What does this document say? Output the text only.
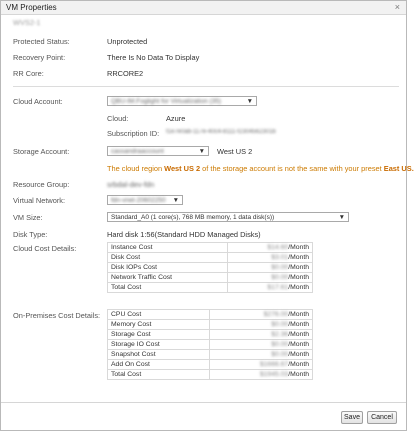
VM Properties	×
WVS2-1
Protected Status:	Unprotected
Recovery Point:	There Is No Data To Display
RR Core:	RRCORE2
Cloud Account:	QBU-IM.Foglight for Virtualization (35)	▼
Cloud:	Azure
Subscription ID: f1e7e0ab-117e-40c4-8111-f2304562301b
Storage Account:	cassandraaccount	▼ West US 2
The cloud region West US 2 of the storage account is not the same with your preset East US.
Resource Group:	srbdal-dev-fdn
Virtual Network:	fdn-vnet-20602250 ▼
VM Size:	Standard_A0 (1 core(s), 768 MB memory, 1 data disk(s))	▼
Disk Type:	Hard disk 1:56(Standard HDD Managed Disks)
Cloud Cost Details:	Instance Cost	$14.60/Month
Disk Cost	$3.01/Month
Disk IOPs Cost	$0.00/Month
Network Traffic Cost	$0.00/Month
Total Cost	$17.61/Month
On-Premises Cost Details: CPU Cost	$276.00/Month
Memory Cost	$0.00/Month
Storage Cost	$2.36/Month
Storage IO Cost	$0.00/Month
Snapshot Cost	$0.00/Month
Add On Cost	$1666.67/Month
Total Cost	$1945.03/Month
Save	Cancel
